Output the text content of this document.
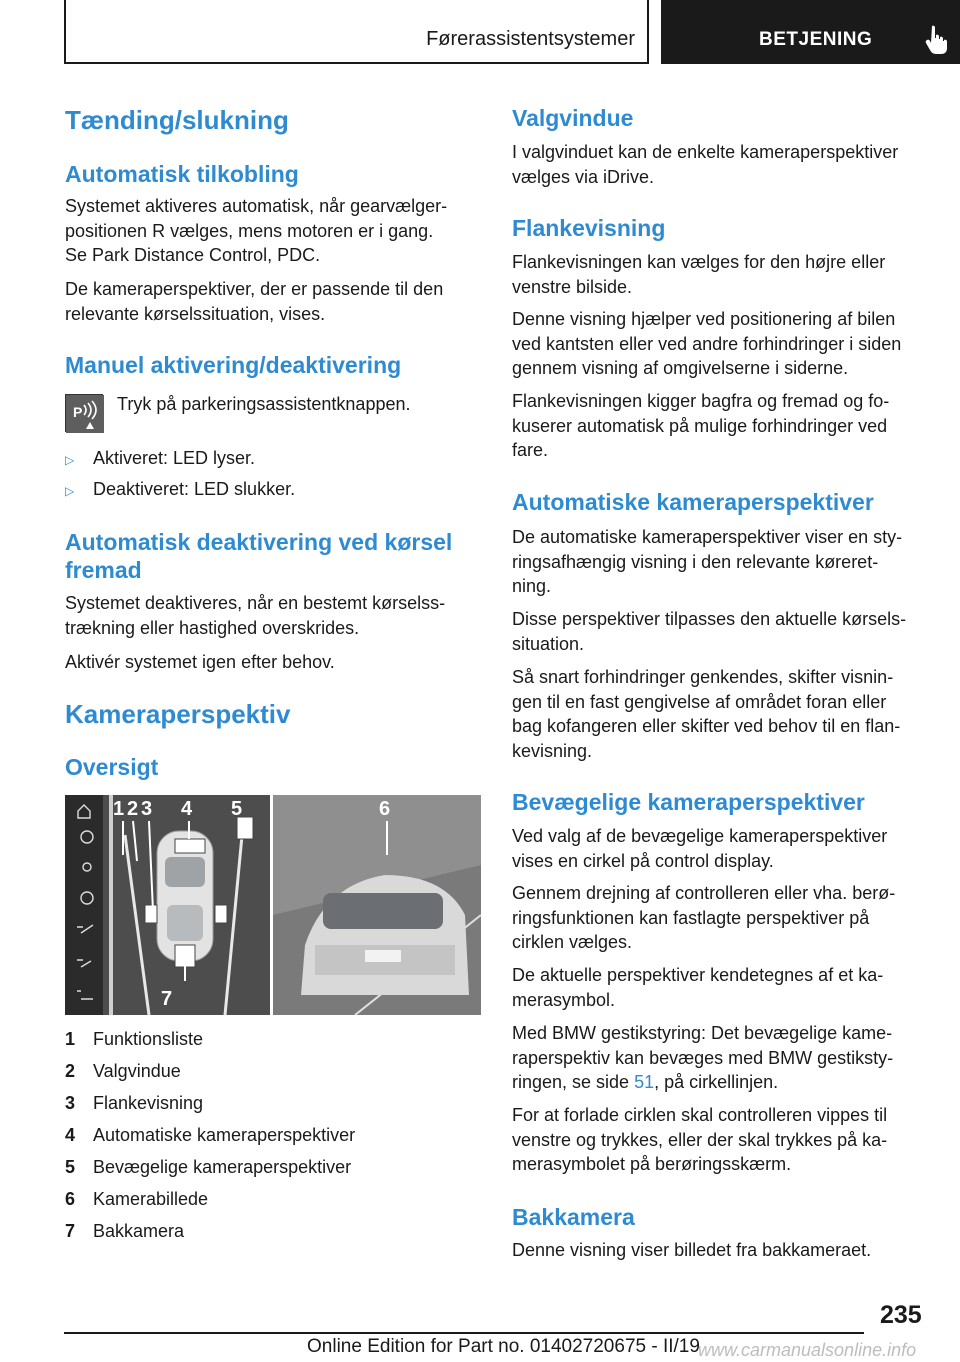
Førerassistentsystemer	BETJENING
Tænding/slukning
Automatisk tilkobling
Systemet aktiveres automatisk, når gearvælger-
positionen R vælges, mens motoren er i gang.
Se Park Distance Control, PDC.
De kameraperspektiver, der er passende til den
relevante kørselssituation, vises.
Manuel aktivering/deaktivering
P Tryk på parkeringsassistentknappen.
▷ Aktiveret: LED lyser.
▷ Deaktiveret: LED slukker.
Automatisk deaktivering ved kørsel
fremad
Systemet deaktiveres, når en bestemt kørselss-
trækning eller hastighed overskrides.
Aktivér systemet igen efter behov.
Kameraperspektiv
Oversigt
1 2 3 4 5	6
7
1 Funktionsliste
2 Valgvindue
3 Flankevisning
4 Automatiske kameraperspektiver
5 Bevægelige kameraperspektiver
6 Kamerabillede
7 Bakkamera
Valgvindue
I valgvinduet kan de enkelte kameraperspektiver
vælges via iDrive.
Flankevisning
Flankevisningen kan vælges for den højre eller
venstre bilside.
Denne visning hjælper ved positionering af bilen
ved kantsten eller ved andre forhindringer i siden
gennem visning af omgivelserne i siderne.
Flankevisningen kigger bagfra og fremad og fo-
kuserer automatisk på mulige forhindringer ved
fare.
Automatiske kameraperspektiver
De automatiske kameraperspektiver viser en sty-
ringsafhængig visning i den relevante køreret-
ning.
Disse perspektiver tilpasses den aktuelle kørsels-
situation.
Så snart forhindringer genkendes, skifter visnin-
gen til en fast gengivelse af området foran eller
bag kofangeren eller skifter ved behov til en flan-
kevisning.
Bevægelige kameraperspektiver
Ved valg af de bevægelige kameraperspektiver
vises en cirkel på control display.
Gennem drejning af controlleren eller vha. berø-
ringsfunktionen kan fastlagte perspektiver på
cirklen vælges.
De aktuelle perspektiver kendetegnes af et ka-
merasymbol.
Med BMW gestikstyring: Det bevægelige kame-
raperspektiv kan bevæges med BMW gestiksty-
ringen, se side 51, på cirkellinjen.
For at forlade cirklen skal controlleren vippes til
venstre og trykkes, eller der skal trykkes på ka-
merasymbolet på berøringsskærm.
Bakkamera
Denne visning viser billedet fra bakkameraet.
235
Online Edition for Part no. 01402720675 - II/19
www.carmanualsonline.info
